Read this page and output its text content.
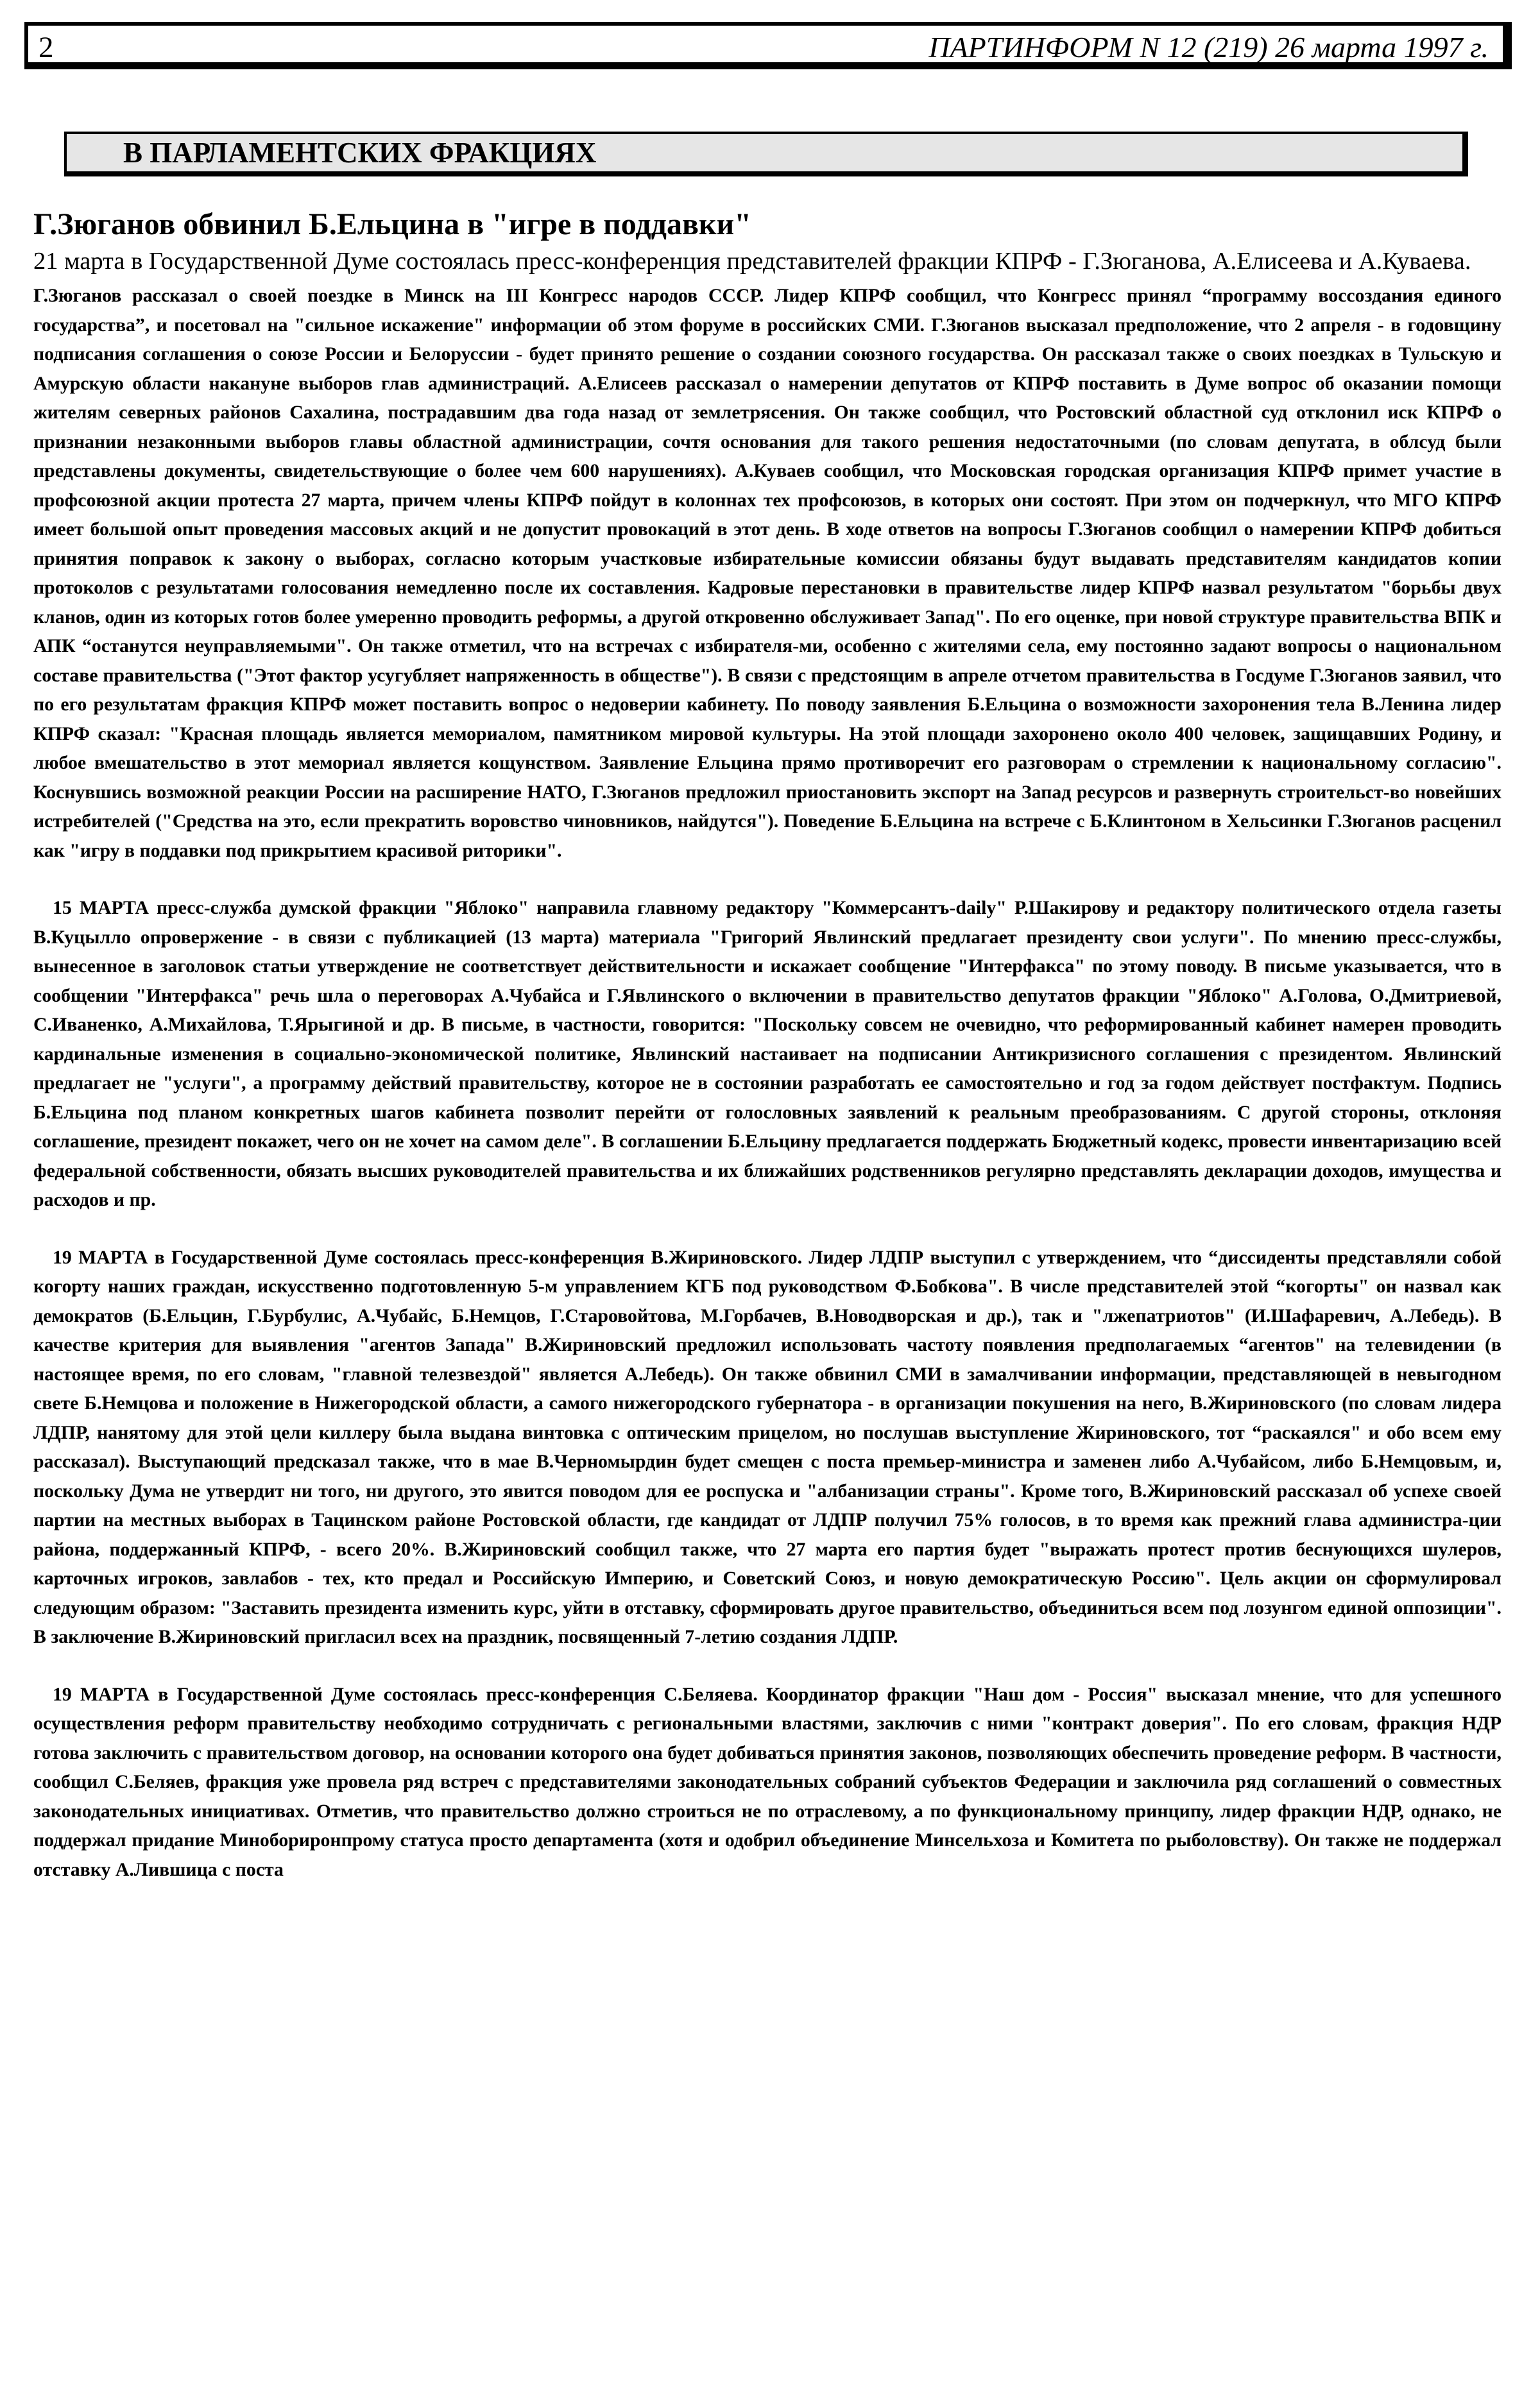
2	ПАРТИНФОРМ N 12 (219) 26 марта 1997 г.
В ПАРЛАМЕНТСКИХ ФРАКЦИЯХ
Г.Зюганов обвинил Б.Ельцина в "игре в поддавки"

21 марта в Государственной Думе состоялась пресс-конференция представителей фракции КПРФ - Г.Зюганова, А.Елисеева и А.Куваева.

Г.Зюганов рассказал о своей поездке в Минск на III Конгресс народов СССР. Лидер КПРФ сообщил, что Конгресс принял “программу воссоздания единого государства”, и посетовал на "сильное искажение" информации об этом форуме в российских СМИ. Г.Зюганов высказал предположение, что 2 апреля - в годовщину подписания соглашения о союзе России и Белоруссии - будет принято решение о создании союзного государства. Он рассказал также о своих поездках в Тульскую и Амурскую области накануне выборов глав администраций. А.Елисеев рассказал о намерении депутатов от КПРФ поставить в Думе вопрос об оказании помощи жителям северных районов Сахалина, пострадавшим два года назад от землетрясения. Он также сообщил, что Ростовский областной суд отклонил иск КПРФ о признании незаконными выборов главы областной администрации, сочтя основания для такого решения недостаточными (по словам депутата, в облсуд были представлены документы, свидетельствующие о более чем 600 нарушениях). А.Куваев сообщил, что Московская городская организация КПРФ примет участие в профсоюзной акции протеста 27 марта, причем члены КПРФ пойдут в колоннах тех профсоюзов, в которых они состоят. При этом он подчеркнул, что МГО КПРФ имеет большой опыт проведения массовых акций и не допустит провокаций в этот день. В ходе ответов на вопросы Г.Зюганов сообщил о намерении КПРФ добиться принятия поправок к закону о выборах, согласно которым участковые избирательные комиссии обязаны будут выдавать представителям кандидатов копии протоколов с результатами голосования немедленно после их составления. Кадровые перестановки в правительстве лидер КПРФ назвал результатом "борьбы двух кланов, один из которых готов более умеренно проводить реформы, а другой откровенно обслуживает Запад". По его оценке, при новой структуре правительства ВПК и АПК “останутся неуправляемыми". Он также отметил, что на встречах с избирателя-ми, особенно с жителями села, ему постоянно задают вопросы о национальном составе правительства ("Этот фактор усугубляет напряженность в обществе"). В связи с предстоящим в апреле отчетом правительства в Госдуме Г.Зюганов заявил, что по его результатам фракция КПРФ может поставить вопрос о недоверии кабинету. По поводу заявления Б.Ельцина о возможности захоронения тела В.Ленина лидер КПРФ сказал: "Красная площадь является мемориалом, памятником мировой культуры. На этой площади захоронено около 400 человек, защищавших Родину, и любое вмешательство в этот мемориал является кощунством. Заявление Ельцина прямо противоречит его разговорам о стремлении к национальному согласию". Коснувшись возможной реакции России на расширение НАТО, Г.Зюганов предложил приостановить экспорт на Запад ресурсов и развернуть строительст-во новейших истребителей ("Средства на это, если прекратить воровство чиновников, найдутся"). Поведение Б.Ельцина на встрече с Б.Клинтоном в Хельсинки Г.Зюганов расценил как "игру в поддавки под прикрытием красивой риторики".

15 МАРТА пресс-служба думской фракции "Яблоко" направила главному редактору "Коммерсантъ-daily" Р.Шакирову и редактору политического отдела газеты В.Куцылло опровержение - в связи с публикацией (13 марта) материала "Григорий Явлинский предлагает президенту свои услуги". По мнению пресс-службы, вынесенное в заголовок статьи утверждение не соответствует действительности и искажает сообщение "Интерфакса" по этому поводу. В письме указывается, что в сообщении "Интерфакса" речь шла о переговорах А.Чубайса и Г.Явлинского о включении в правительство депутатов фракции "Яблоко" А.Голова, О.Дмитриевой, С.Иваненко, А.Михайлова, Т.Ярыгиной и др. В письме, в частности, говорится: "Поскольку совсем не очевидно, что реформированный кабинет намерен проводить кардинальные изменения в социально-экономической политике, Явлинский настаивает на подписании Антикризисного соглашения с президентом. Явлинский предлагает не "услуги", а программу действий правительству, которое не в состоянии разработать ее самостоятельно и год за годом действует постфактум. Подпись Б.Ельцина под планом конкретных шагов кабинета позволит перейти от голословных заявлений к реальным преобразованиям. С другой стороны, отклоняя соглашение, президент покажет, чего он не хочет на самом деле". В соглашении Б.Ельцину предлагается поддержать Бюджетный кодекс, провести инвентаризацию всей федеральной собственности, обязать высших руководителей правительства и их ближайших родственников регулярно представлять декларации доходов, имущества и расходов и пр.

19 МАРТА в Государственной Думе состоялась пресс-конференция В.Жириновского. Лидер ЛДПР выступил с утверждением, что “диссиденты представляли собой когорту наших граждан, искусственно подготовленную 5-м управлением КГБ под руководством Ф.Бобкова". В числе представителей этой “когорты" он назвал как демократов (Б.Ельцин, Г.Бурбулис, А.Чубайс, Б.Немцов, Г.Старовойтова, М.Горбачев, В.Новодворская и др.), так и "лжепатриотов" (И.Шафаревич, А.Лебедь). В качестве критерия для выявления "агентов Запада" В.Жириновский предложил использовать частоту появления предполагаемых “агентов" на телевидении (в настоящее время, по его словам, "главной телезвездой" является А.Лебедь). Он также обвинил СМИ в замалчивании информации, представляющей в невыгодном свете Б.Немцова и положение в Нижегородской области, а самого нижегородского губернатора - в организации покушения на него, В.Жириновского (по словам лидера ЛДПР, нанятому для этой цели киллеру была выдана винтовка с оптическим прицелом, но послушав выступление Жириновского, тот “раскаялся" и обо всем ему рассказал). Выступающий предсказал также, что в мае В.Черномырдин будет смещен с поста премьер-министра и заменен либо А.Чубайсом, либо Б.Немцовым, и, поскольку Дума не утвердит ни того, ни другого, это явится поводом для ее роспуска и "албанизации страны". Кроме того, В.Жириновский рассказал об успехе своей партии на местных выборах в Тацинском районе Ростовской области, где кандидат от ЛДПР получил 75% голосов, в то время как прежний глава администра-ции района, поддержанный КПРФ, - всего 20%. В.Жириновский сообщил также, что 27 марта его партия будет "выражать протест против беснующихся шулеров, карточных игроков, завлабов - тех, кто предал и Российскую Империю, и Советский Союз, и новую демократическую Россию". Цель акции он сформулировал следующим образом: "Заставить президента изменить курс, уйти в отставку, сформировать другое правительство, объединиться всем под лозунгом единой оппозиции". В заключение В.Жириновский пригласил всех на праздник, посвященный 7-летию создания ЛДПР.

19 МАРТА в Государственной Думе состоялась пресс-конференция С.Беляева. Координатор фракции "Наш дом - Россия" высказал мнение, что для успешного осуществления реформ правительству необходимо сотрудничать с региональными властями, заключив с ними "контракт доверия". По его словам, фракция НДР готова заключить с правительством договор, на основании которого она будет добиваться принятия законов, позволяющих обеспечить проведение реформ. В частности, сообщил С.Беляев, фракция уже провела ряд встреч с представителями законодательных собраний субъектов Федерации и заключила ряд соглашений о совместных законодательных инициативах. Отметив, что правительство должно строиться не по отраслевому, а по функциональному принципу, лидер фракции НДР, однако, не поддержал придание Минобориронпрому статуса просто департамента (хотя и одобрил объединение Минсельхоза и Комитета по рыболовству). Он также не поддержал отставку А.Лившица с поста
